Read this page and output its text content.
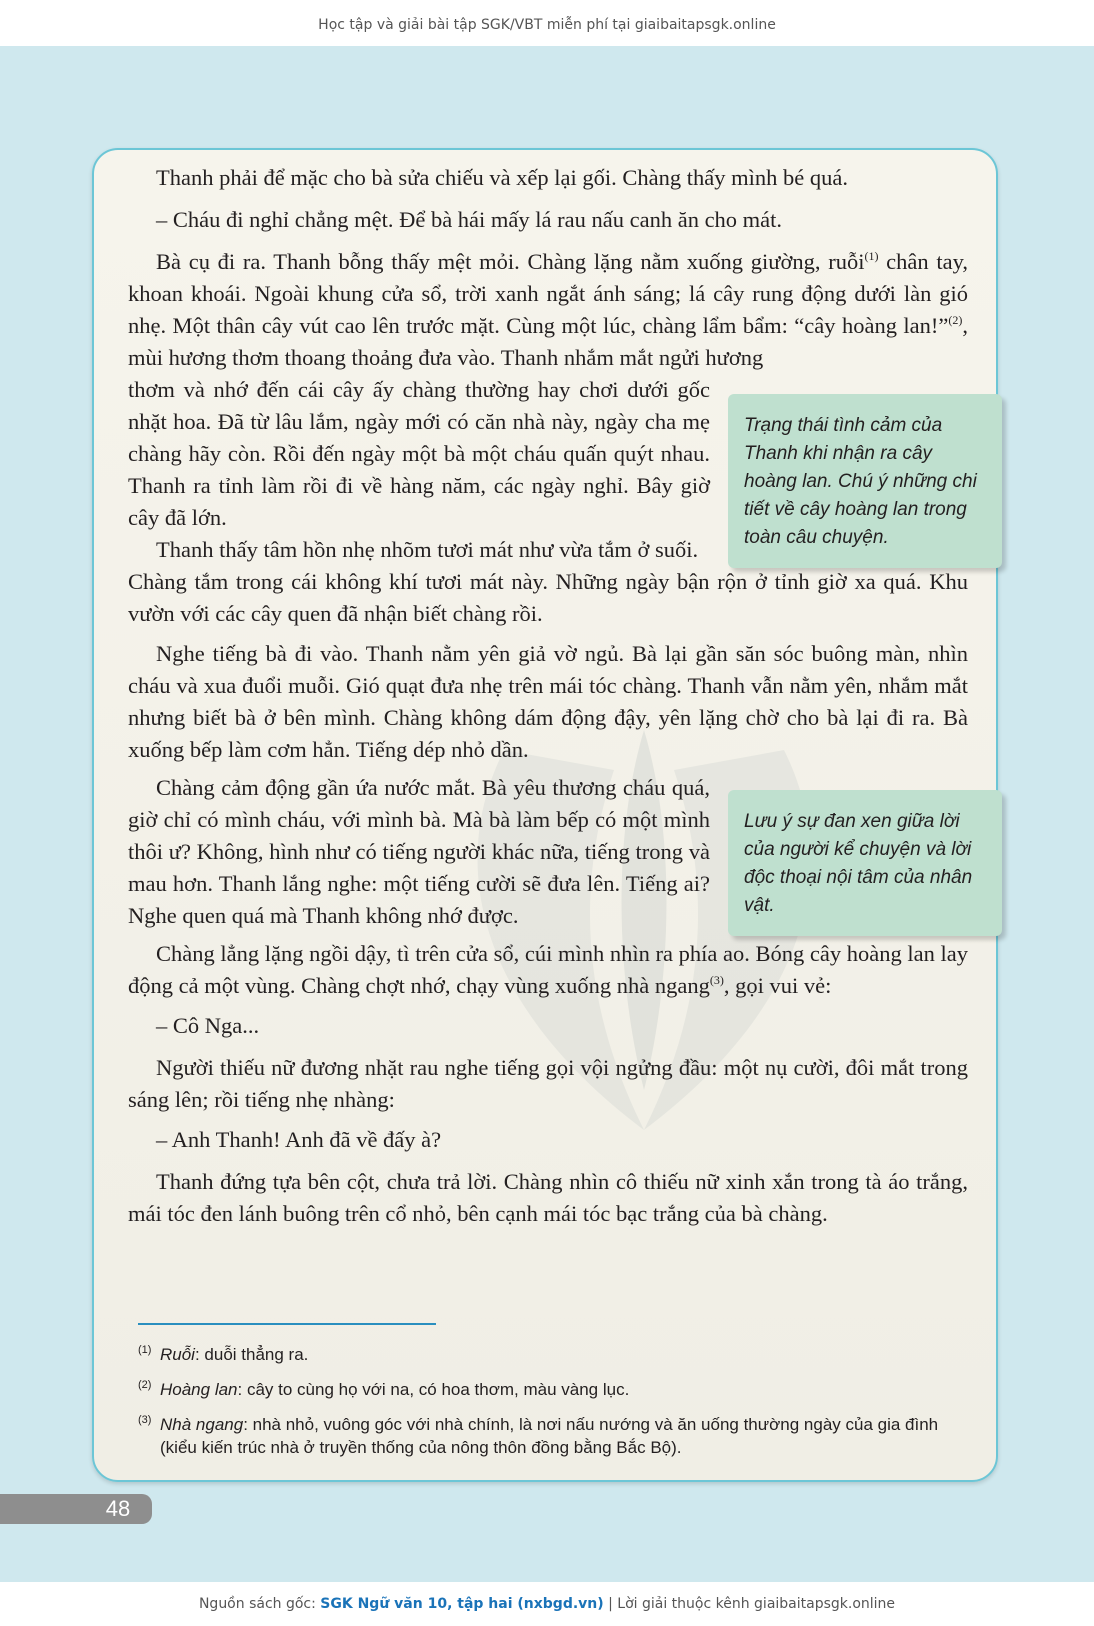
Học tập và giải bài tập SGK/VBT miễn phí tại giaibaitapsgk.online

Thanh phải để mặc cho bà sửa chiếu và xếp lại gối. Chàng thấy mình bé quá.

– Cháu đi nghỉ chẳng mệt. Để bà hái mấy lá rau nấu canh ăn cho mát.

Bà cụ đi ra. Thanh bỗng thấy mệt mỏi. Chàng lặng nằm xuống giường, ruỗi$^{(1)}$ chân tay, khoan khoái. Ngoài khung cửa sổ, trời xanh ngắt ánh sáng; lá cây rung động dưới làn gió nhẹ. Một thân cây vút cao lên trước mặt. Cùng một lúc, chàng lẩm bẩm: “cây hoàng lan!”$^{(2)}$, mùi hương thơm thoang thoảng đưa vào. Thanh nhắm mắt ngửi hương

thơm và nhớ đến cái cây ấy chàng thường hay chơi dưới gốc nhặt hoa. Đã từ lâu lắm, ngày mới có căn nhà này, ngày cha mẹ chàng hãy còn. Rồi đến ngày một bà một cháu quấn quýt nhau. Thanh ra tỉnh làm rồi đi về hàng năm, các ngày nghỉ. Bây giờ cây đã lớn.

Thanh thấy tâm hồn nhẹ nhõm tươi mát như vừa tắm ở suối.

Chàng tắm trong cái không khí tươi mát này. Những ngày bận rộn ở tỉnh giờ xa quá. Khu vườn với các cây quen đã nhận biết chàng rồi.

Nghe tiếng bà đi vào. Thanh nằm yên giả vờ ngủ. Bà lại gần săn sóc buông màn, nhìn cháu và xua đuổi muỗi. Gió quạt đưa nhẹ trên mái tóc chàng. Thanh vẫn nằm yên, nhắm mắt nhưng biết bà ở bên mình. Chàng không dám động đậy, yên lặng chờ cho bà lại đi ra. Bà xuống bếp làm cơm hẳn. Tiếng dép nhỏ dần.

Chàng cảm động gần ứa nước mắt. Bà yêu thương cháu quá, giờ chỉ có mình cháu, với mình bà. Mà bà làm bếp có một mình thôi ư? Không, hình như có tiếng người khác nữa, tiếng trong và mau hơn. Thanh lắng nghe: một tiếng cười sẽ đưa lên. Tiếng ai? Nghe quen quá mà Thanh không nhớ được.

Chàng lẳng lặng ngồi dậy, tì trên cửa sổ, cúi mình nhìn ra phía ao. Bóng cây hoàng lan lay động cả một vùng. Chàng chợt nhớ, chạy vùng xuống nhà ngang$^{(3)}$, gọi vui vẻ:

– Cô Nga...

Người thiếu nữ đương nhặt rau nghe tiếng gọi vội ngửng đầu: một nụ cười, đôi mắt trong sáng lên; rồi tiếng nhẹ nhàng:

– Anh Thanh! Anh đã về đấy à?

Thanh đứng tựa bên cột, chưa trả lời. Chàng nhìn cô thiếu nữ xinh xắn trong tà áo trắng, mái tóc đen lánh buông trên cổ nhỏ, bên cạnh mái tóc bạc trắng của bà chàng.

Trạng thái tình cảm của Thanh khi nhận ra cây hoàng lan. Chú ý những chi tiết về cây hoàng lan trong toàn câu chuyện.
Lưu ý sự đan xen giữa lời của người kể chuyện và lời độc thoại nội tâm của nhân vật.
(1) Ruỗi: duỗi thẳng ra.
(2) Hoàng lan: cây to cùng họ với na, có hoa thơm, màu vàng lục.
(3) Nhà ngang: nhà nhỏ, vuông góc với nhà chính, là nơi nấu nướng và ăn uống thường ngày của gia đình (kiểu kiến trúc nhà ở truyền thống của nông thôn đồng bằng Bắc Bộ).
48
Nguồn sách gốc: SGK Ngữ văn 10, tập hai (nxbgd.vn) | Lời giải thuộc kênh giaibaitapsgk.online
